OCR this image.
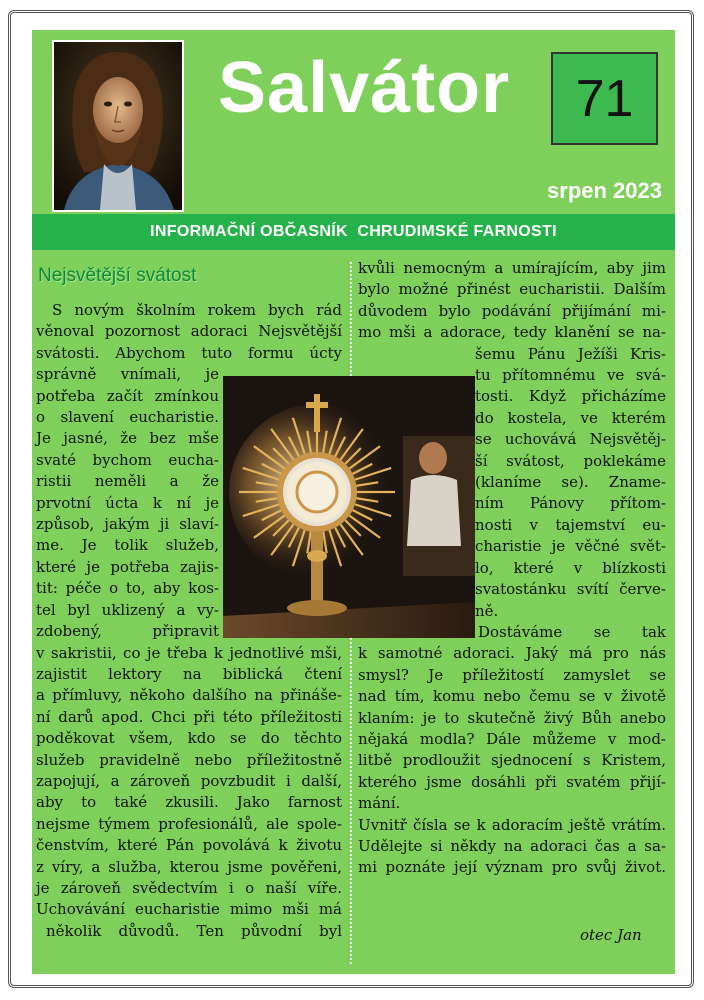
Salvátor	71
srpen 2023
INFORMAČNÍ OBČASNÍK  CHRUDIMSKÉ FARNOSTI
Nejsvětější svátost
S novým školním rokem bych rád
věnoval pozornost adoraci Nejsvětější
svátosti. Abychom tuto formu úcty
správně vnímali, je
potřeba začít zmínkou
o slavení eucharistie.
Je jasné, že bez mše
svaté bychom eucha-
ristii neměli a že
prvotní úcta k ní je
způsob, jakým ji slaví-
me. Je tolik služeb,
které je potřeba zajis-
tit: péče o to, aby kos-
tel byl uklizený a vy-
zdobený, připravit
v sakristii, co je třeba k jednotlivé mši,
zajistit lektory na biblická čtení
a přímluvy, někoho dalšího na přináše-
ní darů apod. Chci při této příležitosti
poděkovat všem, kdo se do těchto
služeb pravidelně nebo příležitostně
zapojují, a zároveň povzbudit i další,
aby to také zkusili. Jako farnost
nejsme týmem profesionálů, ale spole-
čenstvím, které Pán povolává k životu
z víry, a služba, kterou jsme pověřeni,
je zároveň svědectvím i o naší víře.
Uchovávání eucharistie mimo mši má
několik důvodů. Ten původní byl
kvůli nemocným a umírajícím, aby jim
bylo možné přinést eucharistii. Dalším
důvodem bylo podávání přijímání mi-
mo mši a adorace, tedy klanění se na-
šemu Pánu Ježíši Kris-
tu přítomnému ve svá-
tosti. Když přicházíme
do kostela, ve kterém
se uchovává Nejsvětěj-
ší svátost, poklekáme
(klaníme se). Zname-
ním Pánovy přítom-
nosti v tajemství eu-
charistie je věčné svět-
lo, které v blízkosti
svatostánku svítí červe-
ně.
Dostáváme se tak
k samotné adoraci. Jaký má pro nás
smysl? Je příležitostí zamyslet se
nad tím, komu nebo čemu se v životě
klaním: je to skutečně živý Bůh anebo
nějaká modla? Dále můžeme v mod-
litbě prodloužit sjednocení s Kristem,
kterého jsme dosáhli při svatém přijí-
mání.
Uvnitř čísla se k adoracím ještě vrátím.
Udělejte si někdy na adoraci čas a sa-
mi poznáte její význam pro svůj život.
otec Jan
